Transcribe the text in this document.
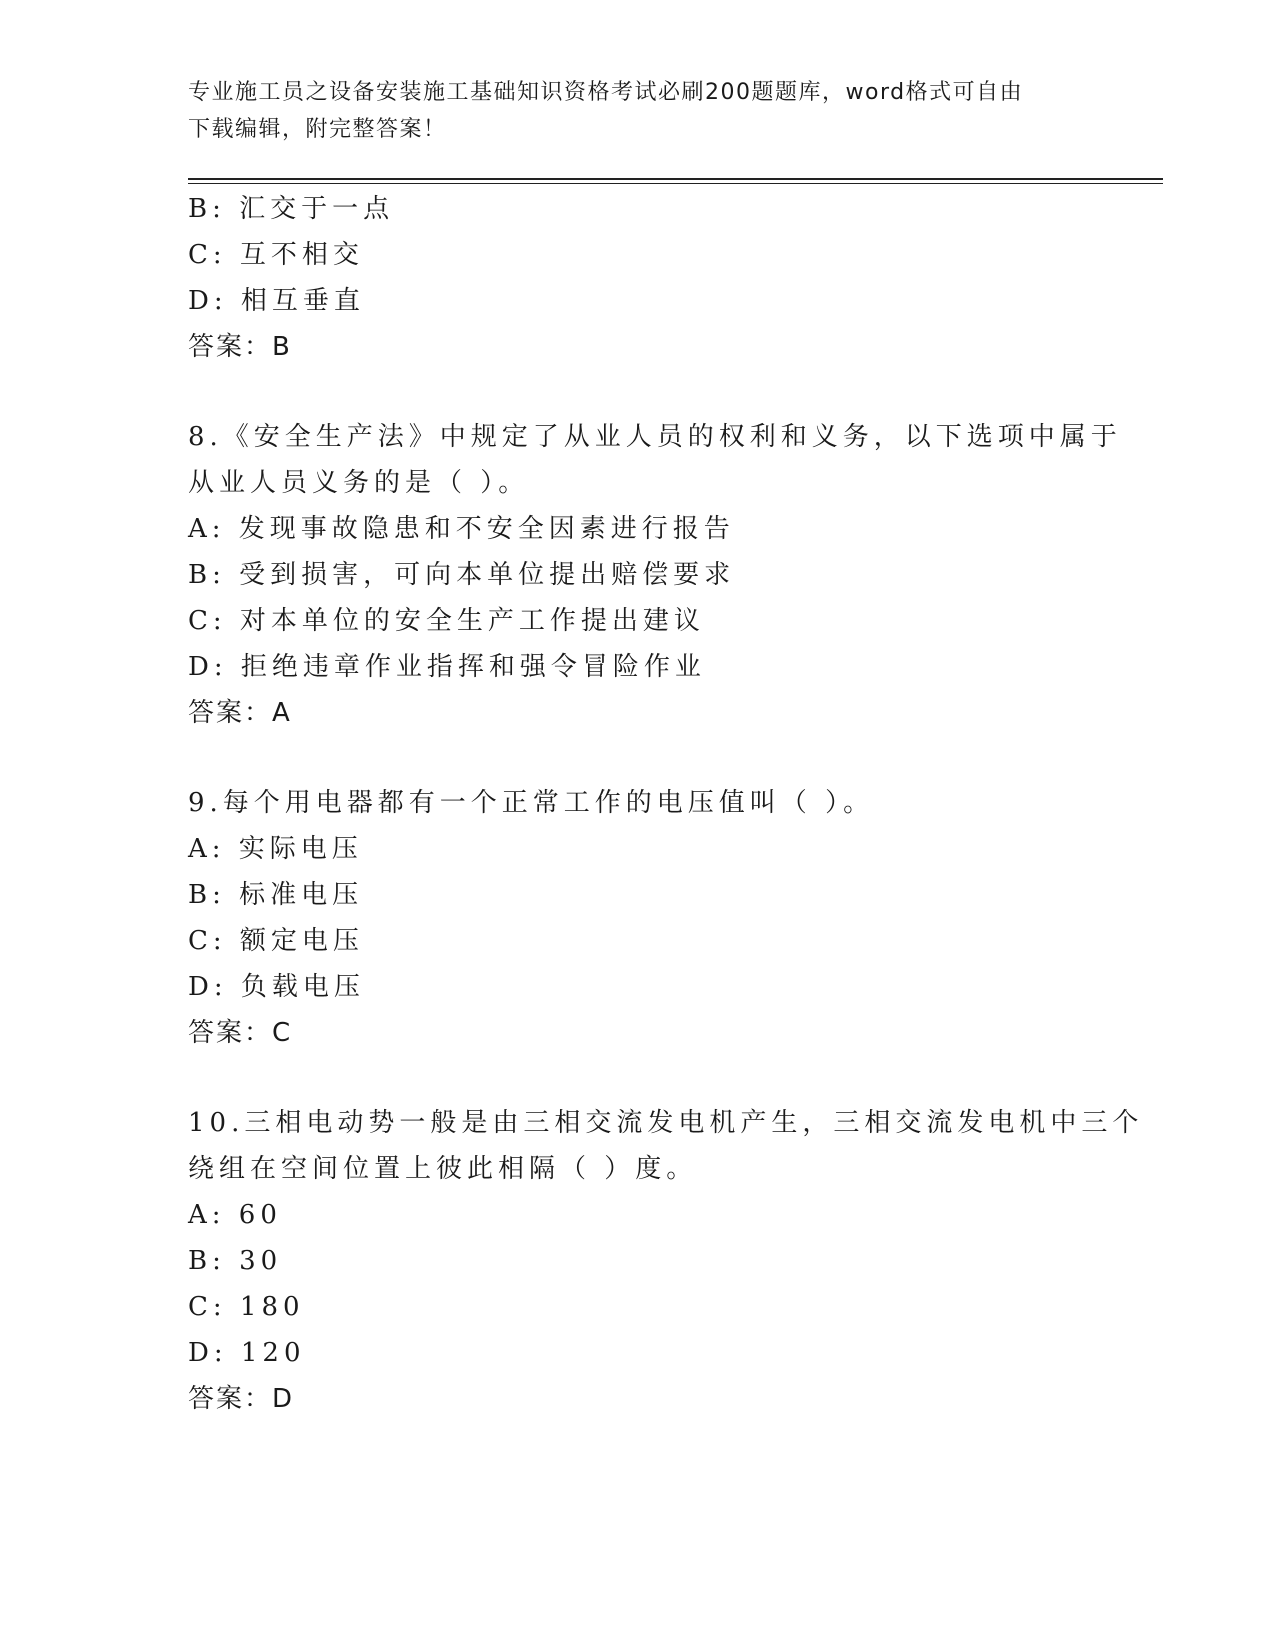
专业施工员之设备安装施工基础知识资格考试必刷200题题库，word格式可自由
下载编辑，附完整答案！
B: 汇交于一点
C: 互不相交
D: 相互垂直
答案：B
8.《安全生产法》中规定了从业人员的权利和义务，以下选项中属于
从业人员义务的是（ ）。
A: 发现事故隐患和不安全因素进行报告
B: 受到损害，可向本单位提出赔偿要求
C: 对本单位的安全生产工作提出建议
D: 拒绝违章作业指挥和强令冒险作业
答案：A
9.每个用电器都有一个正常工作的电压值叫（ ）。
A: 实际电压
B: 标准电压
C: 额定电压
D: 负载电压
答案：C
10.三相电动势一般是由三相交流发电机产生，三相交流发电机中三个
绕组在空间位置上彼此相隔（ ）度。
A: 60
B: 30
C: 180
D: 120
答案：D
